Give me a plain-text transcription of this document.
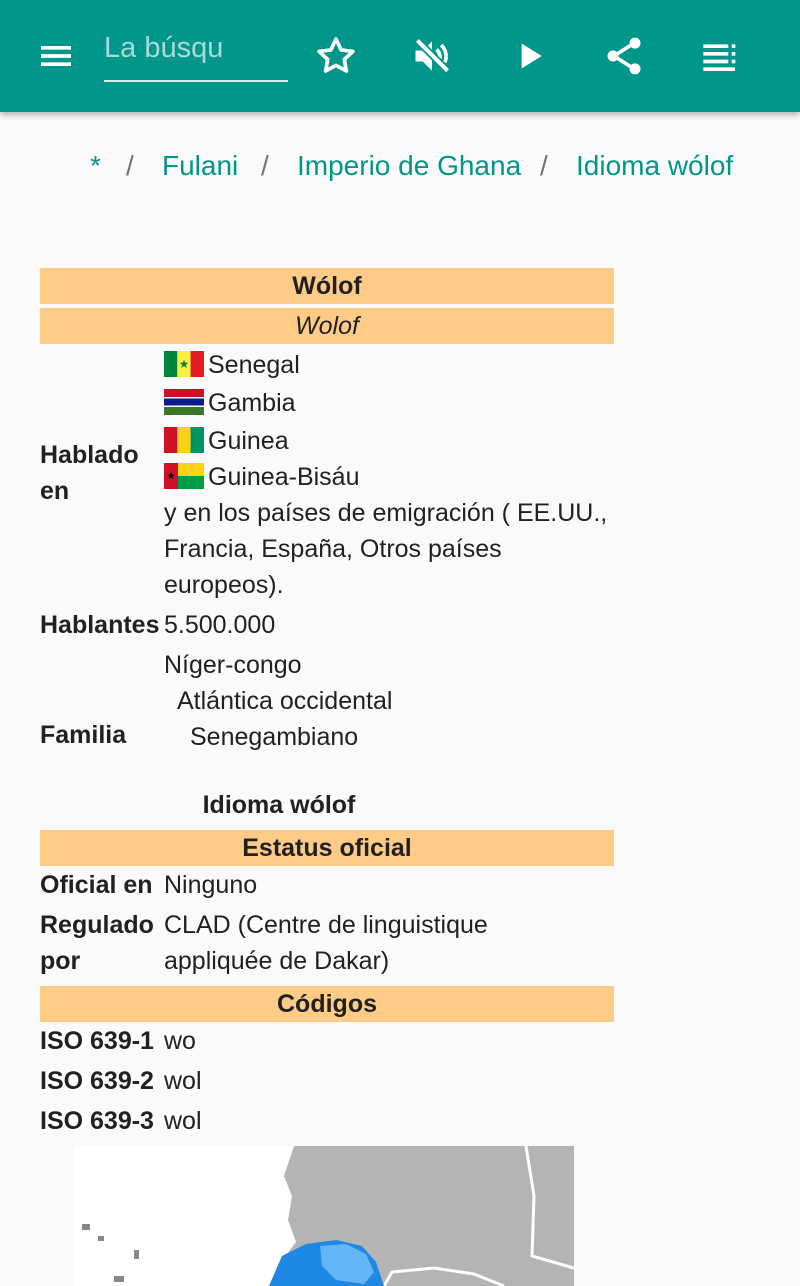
La búsqu
* / Fulani / Imperio de Ghana / Idioma wólof
Wólof
Wolof
Hablado en
Senegal
Gambia
Guinea
Guinea-Bisáu
y en los países de emigración ( EE.UU., Francia, España, Otros países europeos).
Hablantes 5.500.000
Familia
Níger-congo
Atlántica occidental
Senegambiano
Idioma wólof
Estatus oficial
Oficial en Ninguno
Regulado por
CLAD (Centre de linguistique appliquée de Dakar)
Códigos
ISO 639-1 wo
ISO 639-2 wol
ISO 639-3 wol
